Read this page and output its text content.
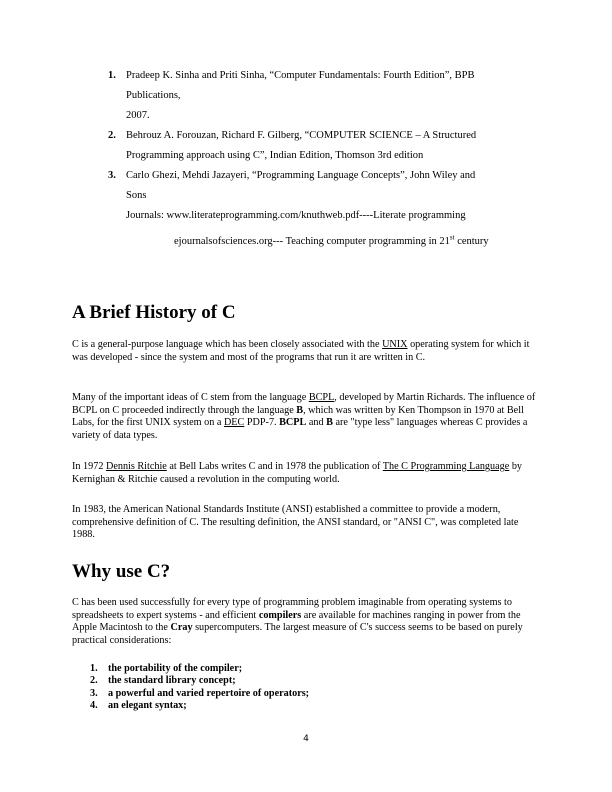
1. Pradeep K. Sinha and Priti Sinha, “Computer Fundamentals: Fourth Edition”, BPB
Publications,
2007.
2. Behrouz A. Forouzan, Richard F. Gilberg, “COMPUTER SCIENCE – A Structured
Programming approach using C”, Indian Edition, Thomson 3rd edition
3. Carlo Ghezi, Mehdi Jazayeri, “Programming Language Concepts”, John Wiley and
Sons
Journals: www.literateprogramming.com/knuthweb.pdf----Literate programming
ejournalsofsciences.org--- Teaching computer programming in 21st century
A Brief History of C

C is a general-purpose language which has been closely associated with the UNIX operating system for which it was developed - since the system and most of the programs that run it are written in C.

Many of the important ideas of C stem from the language BCPL, developed by Martin Richards. The influence of BCPL on C proceeded indirectly through the language B, which was written by Ken Thompson in 1970 at Bell Labs, for the first UNIX system on a DEC PDP-7. BCPL and B are "type less" languages whereas C provides a variety of data types.

In 1972 Dennis Ritchie at Bell Labs writes C and in 1978 the publication of The C Programming Language by Kernighan & Ritchie caused a revolution in the computing world.

In 1983, the American National Standards Institute (ANSI) established a committee to provide a modern, comprehensive definition of C. The resulting definition, the ANSI standard, or "ANSI C", was completed late 1988.

Why use C?

C has been used successfully for every type of programming problem imaginable from operating systems to spreadsheets to expert systems - and efficient compilers are available for machines ranging in power from the Apple Macintosh to the Cray supercomputers. The largest measure of C's success seems to be based on purely practical considerations:

1. the portability of the compiler;
2. the standard library concept;
3. a powerful and varied repertoire of operators;
4. an elegant syntax;
4
